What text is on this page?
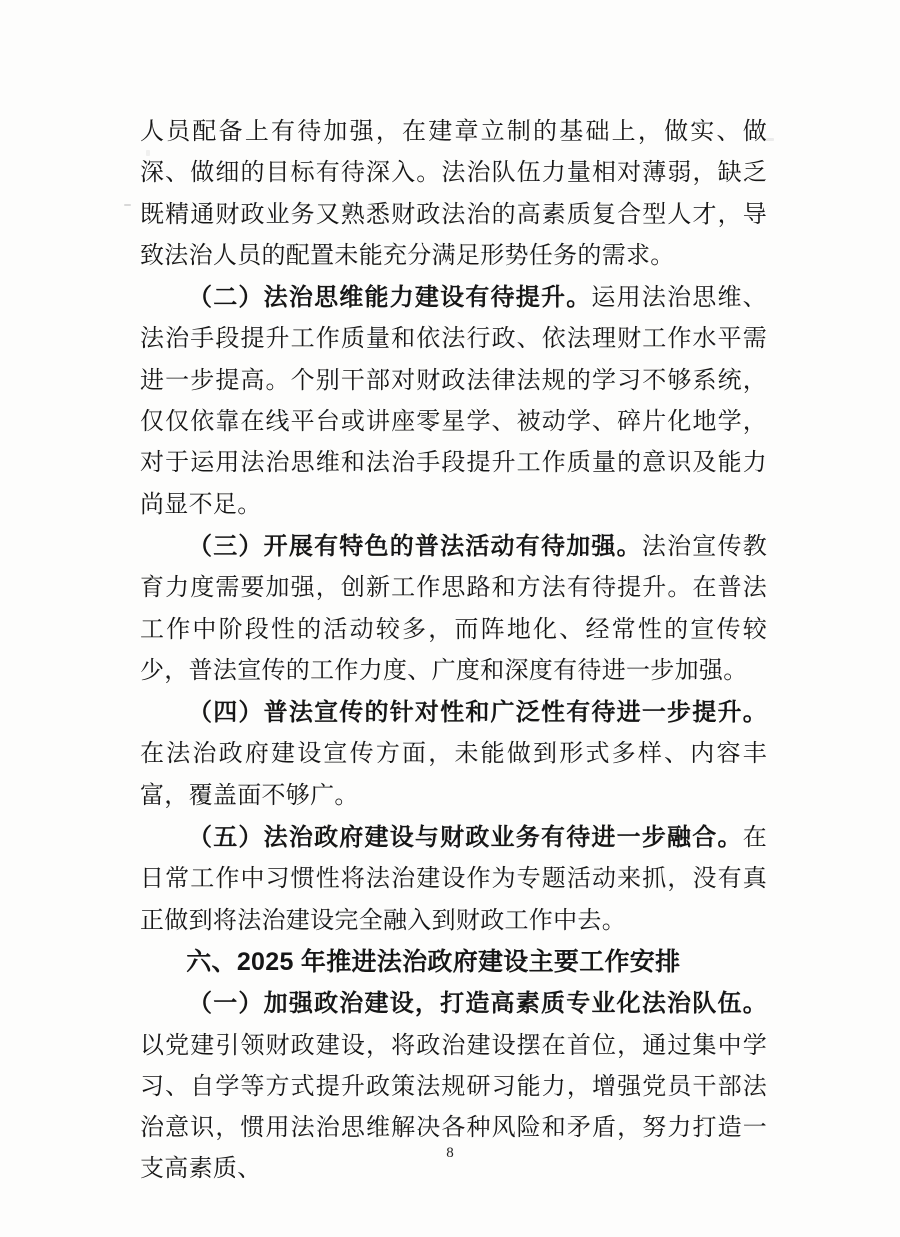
人员配备上有待加强，在建章立制的基础上，做实、做深、做细的目标有待深入。法治队伍力量相对薄弱，缺乏既精通财政业务又熟悉财政法治的高素质复合型人才，导致法治人员的配置未能充分满足形势任务的需求。

（二）法治思维能力建设有待提升。运用法治思维、法治手段提升工作质量和依法行政、依法理财工作水平需进一步提高。个别干部对财政法律法规的学习不够系统，仅仅依靠在线平台或讲座零星学、被动学、碎片化地学，对于运用法治思维和法治手段提升工作质量的意识及能力尚显不足。

（三）开展有特色的普法活动有待加强。法治宣传教育力度需要加强，创新工作思路和方法有待提升。在普法工作中阶段性的活动较多，而阵地化、经常性的宣传较少，普法宣传的工作力度、广度和深度有待进一步加强。

（四）普法宣传的针对性和广泛性有待进一步提升。在法治政府建设宣传方面，未能做到形式多样、内容丰富，覆盖面不够广。

（五）法治政府建设与财政业务有待进一步融合。在日常工作中习惯性将法治建设作为专题活动来抓，没有真正做到将法治建设完全融入到财政工作中去。

六、2025 年推进法治政府建设主要工作安排

（一）加强政治建设，打造高素质专业化法治队伍。以党建引领财政建设，将政治建设摆在首位，通过集中学习、自学等方式提升政策法规研习能力，增强党员干部法治意识，惯用法治思维解决各种风险和矛盾，努力打造一支高素质、

8
